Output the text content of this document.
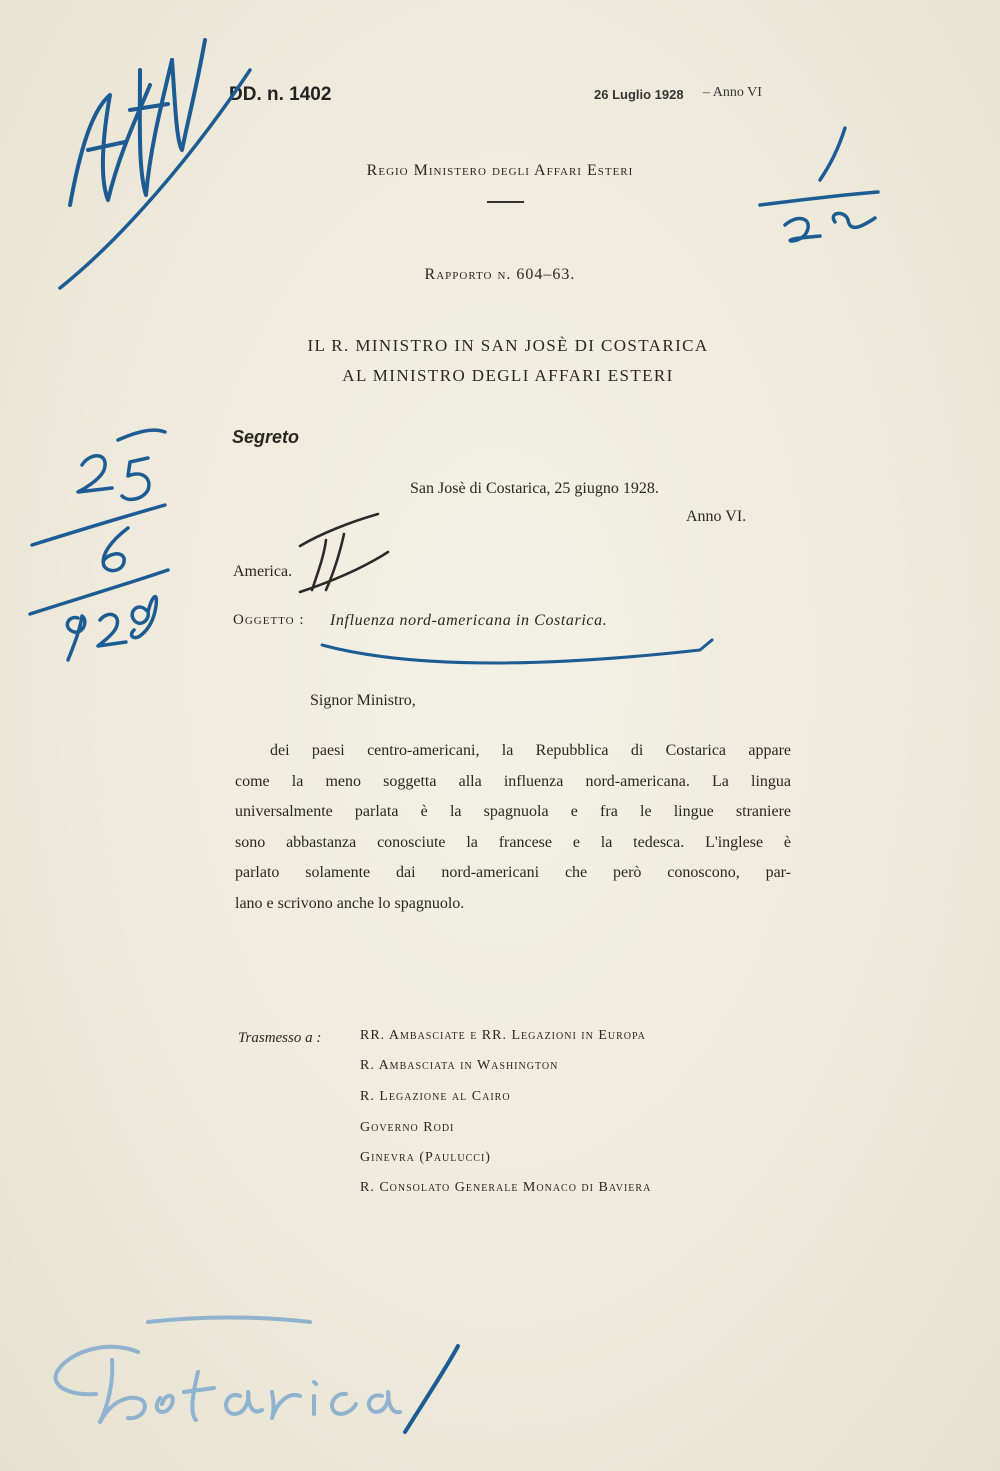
DD. n. 1402	26 Luglio 1928 – Anno VI
Regio Ministero degli Affari Esteri
Rapporto n. 604–63.
IL R. MINISTRO IN SAN JOSÈ DI COSTARICA
AL MINISTRO DEGLI AFFARI ESTERI
Segreto
San Josè di Costarica, 25 giugno 1928.
Anno VI.
America.
Oggetto : Influenza nord-americana in Costarica.
Signor Ministro,
dei paesi centro-americani, la Repubblica di Costarica appare
come la meno soggetta alla influenza nord-americana. La lingua
universalmente parlata è la spagnuola e fra le lingue straniere
sono abbastanza conosciute la francese e la tedesca. L'inglese è
parlato solamente dai nord-americani che però conoscono, par-
lano e scrivono anche lo spagnuolo.
Trasmesso a :	RR. Ambasciate e RR. Legazioni in Europa
R. Ambasciata in Washington
R. Legazione al Cairo
Governo Rodi
Ginevra (Paulucci)
R. Consolato Generale Monaco di Baviera
